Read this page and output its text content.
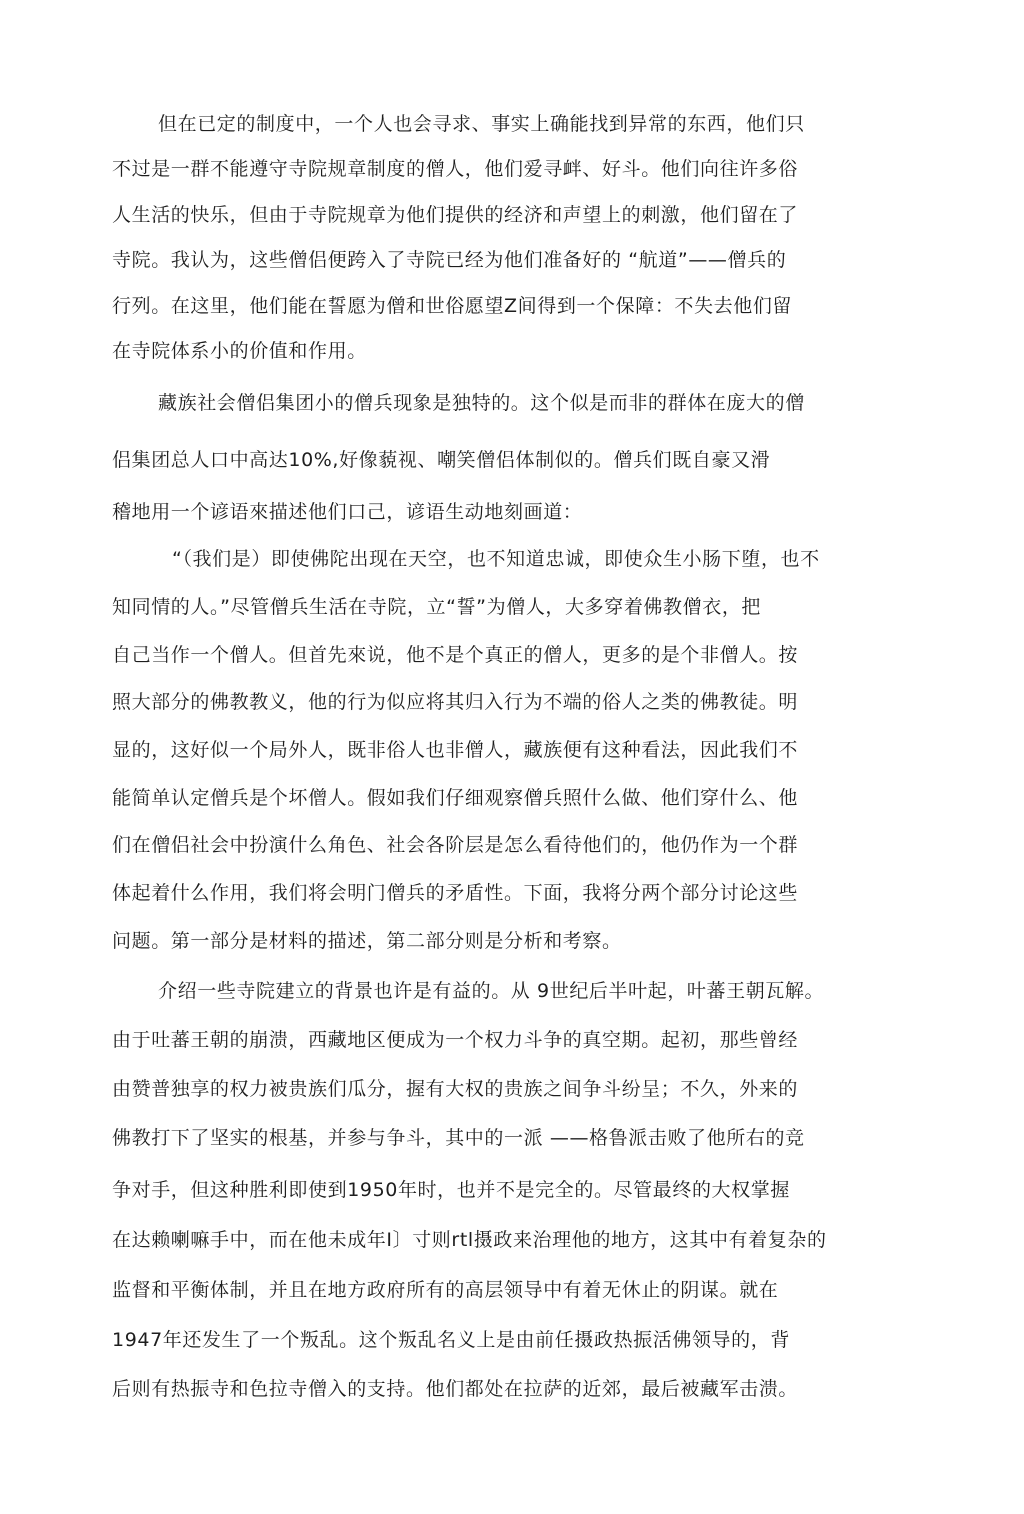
但在已定的制度中，一个人也会寻求、事实上确能找到异常的东西，他们只
不过是一群不能遵守寺院规章制度的僧人，他们爱寻衅、好斗。他们向往许多俗
人生活的快乐，但由于寺院规章为他们提供的经济和声望上的刺激，他们留在了
寺院。我认为，这些僧侣便跨入了寺院已经为他们准备好的 “航道”——僧兵的
行列。在这里，他们能在誓愿为僧和世俗愿望Z间得到一个保障：不失去他们留
在寺院体系小的价值和作用。
藏族社会僧侣集团小的僧兵现象是独特的。这个似是而非的群体在庞大的僧
侣集团总人口中高达10%,好像藐视、嘲笑僧侣体制似的。僧兵们既自豪又滑
稽地用一个谚语來描述他们口己，谚语生动地刻画道：
“（我们是）即使佛陀出现在天空，也不知道忠诚，即使众生小肠下堕，也不
知同情的人。”尽管僧兵生活在寺院，立“誓”为僧人，大多穿着佛教僧衣，把
自己当作一个僧人。但首先來说，他不是个真正的僧人，更多的是个非僧人。按
照大部分的佛教教义，他的行为似应将其归入行为不端的俗人之类的佛教徒。明
显的，这好似一个局外人，既非俗人也非僧人，藏族便有这种看法，因此我们不
能简单认定僧兵是个坏僧人。假如我们仔细观察僧兵照什么做、他们穿什么、他
们在僧侣社会中扮演什么角色、社会各阶层是怎么看待他们的，他仍作为一个群
体起着什么作用，我们将会明门僧兵的矛盾性。下面，我将分两个部分讨论这些
问题。第一部分是材料的描述，第二部分则是分析和考察。
介绍一些寺院建立的背景也许是有益的。从 9世纪后半叶起，叶蕃王朝瓦解。
由于吐蕃王朝的崩溃，西藏地区便成为一个权力斗争的真空期。起初，那些曾经
由赞普独享的权力被贵族们瓜分，握有大权的贵族之间争斗纷呈；不久，外来的
佛教打下了坚实的根基，并参与争斗，其中的一派 ——格鲁派击败了他所右的竞
争对手，但这种胜利即使到1950年时，也并不是完全的。尽管最终的大权掌握
在达赖喇嘛手中，而在他未成年I〕寸则rtl摄政来治理他的地方，这其中有着复杂的
监督和平衡体制，并且在地方政府所有的高层领导中有着无休止的阴谋。就在
1947年还发生了一个叛乱。这个叛乱名义上是由前任摄政热振活佛领导的，背
后则有热振寺和色拉寺僧入的支持。他们都处在拉萨的近郊，最后被藏军击溃。
